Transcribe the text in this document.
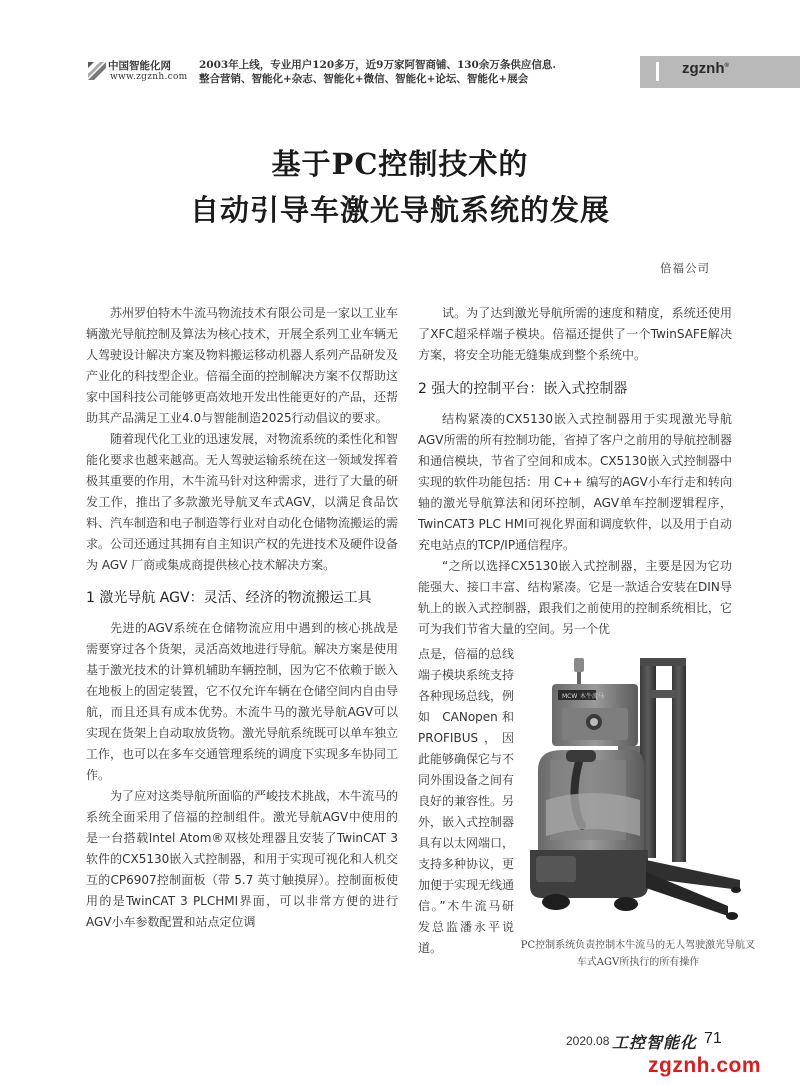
中国智能化网
www.zgznh.com
2003年上线，专业用户120多万，近9万家阿智商铺、130余万条供应信息.
整合营销、智能化+杂志、智能化+微信、智能化+论坛、智能化+展会
zgznh®
基于PC控制技术的
自动引导车激光导航系统的发展
倍福公司

苏州罗伯特木牛流马物流技术有限公司是一家以工业车辆激光导航控制及算法为核心技术，开展全系列工业车辆无人驾驶设计解决方案及物料搬运移动机器人系列产品研发及产业化的科技型企业。倍福全面的控制解决方案不仅帮助这家中国科技公司能够更高效地开发出性能更好的产品，还帮助其产品满足工业4.0与智能制造2025行动倡议的要求。

随着现代化工业的迅速发展，对物流系统的柔性化和智能化要求也越来越高。无人驾驶运输系统在这一领域发挥着极其重要的作用，木牛流马针对这种需求，进行了大量的研发工作，推出了多款激光导航叉车式AGV，以满足食品饮料、汽车制造和电子制造等行业对自动化仓储物流搬运的需求。公司还通过其拥有自主知识产权的先进技术及硬件设备为 AGV 厂商或集成商提供核心技术解决方案。

1 激光导航 AGV：灵活、经济的物流搬运工具

先进的AGV系统在仓储物流应用中遇到的核心挑战是需要穿过各个货架，灵活高效地进行导航。解决方案是使用基于激光技术的计算机辅助车辆控制，因为它不依赖于嵌入在地板上的固定装置，它不仅允许车辆在仓储空间内自由导航，而且还具有成本优势。木流牛马的激光导航AGV可以实现在货架上自动取放货物。激光导航系统既可以单车独立工作，也可以在多车交通管理系统的调度下实现多车协同工作。

为了应对这类导航所面临的严峻技术挑战，木牛流马的系统全面采用了倍福的控制组件。激光导航AGV中使用的是一台搭载Intel Atom®双核处理器且安装了TwinCAT 3软件的CX5130嵌入式控制器，和用于实现可视化和人机交互的CP6907控制面板（带 5.7 英寸触摸屏）。控制面板使用的是TwinCAT 3 PLCHMI界面，可以非常方便的进行AGV小车参数配置和站点定位调

试。为了达到激光导航所需的速度和精度，系统还使用了XFC超采样端子模块。倍福还提供了一个TwinSAFE解决方案，将安全功能无缝集成到整个系统中。

2 强大的控制平台：嵌入式控制器

结构紧凑的CX5130嵌入式控制器用于实现激光导航AGV所需的所有控制功能，省掉了客户之前用的导航控制器和通信模块，节省了空间和成本。CX5130嵌入式控制器中实现的软件功能包括：用 C++ 编写的AGV小车行走和转向轴的激光导航算法和闭环控制，AGV单车控制逻辑程序，TwinCAT3 PLC HMI可视化界面和调度软件，以及用于自动充电站点的TCP/IP通信程序。

“之所以选择CX5130嵌入式控制器，主要是因为它功能强大、接口丰富、结构紧凑。它是一款适合安装在DIN导轨上的嵌入式控制器，跟我们之前使用的控制系统相比，它可为我们节省大量的空间。另一个优

点是，倍福的总线端子模块系统支持各种现场总线，例如 CANopen和PROFIBUS，因此能够确保它与不同外围设备之间有良好的兼容性。另外，嵌入式控制器具有以太网端口，支持多种协议，更加便于实现无线通信。”木牛流马研发总监潘永平说道。

MCW 木牛流马
PC控制系统负责控制木牛流马的无人驾驶激光导航叉车式AGV所执行的所有操作
2020.08 工控智能化 71
zgznh.com
